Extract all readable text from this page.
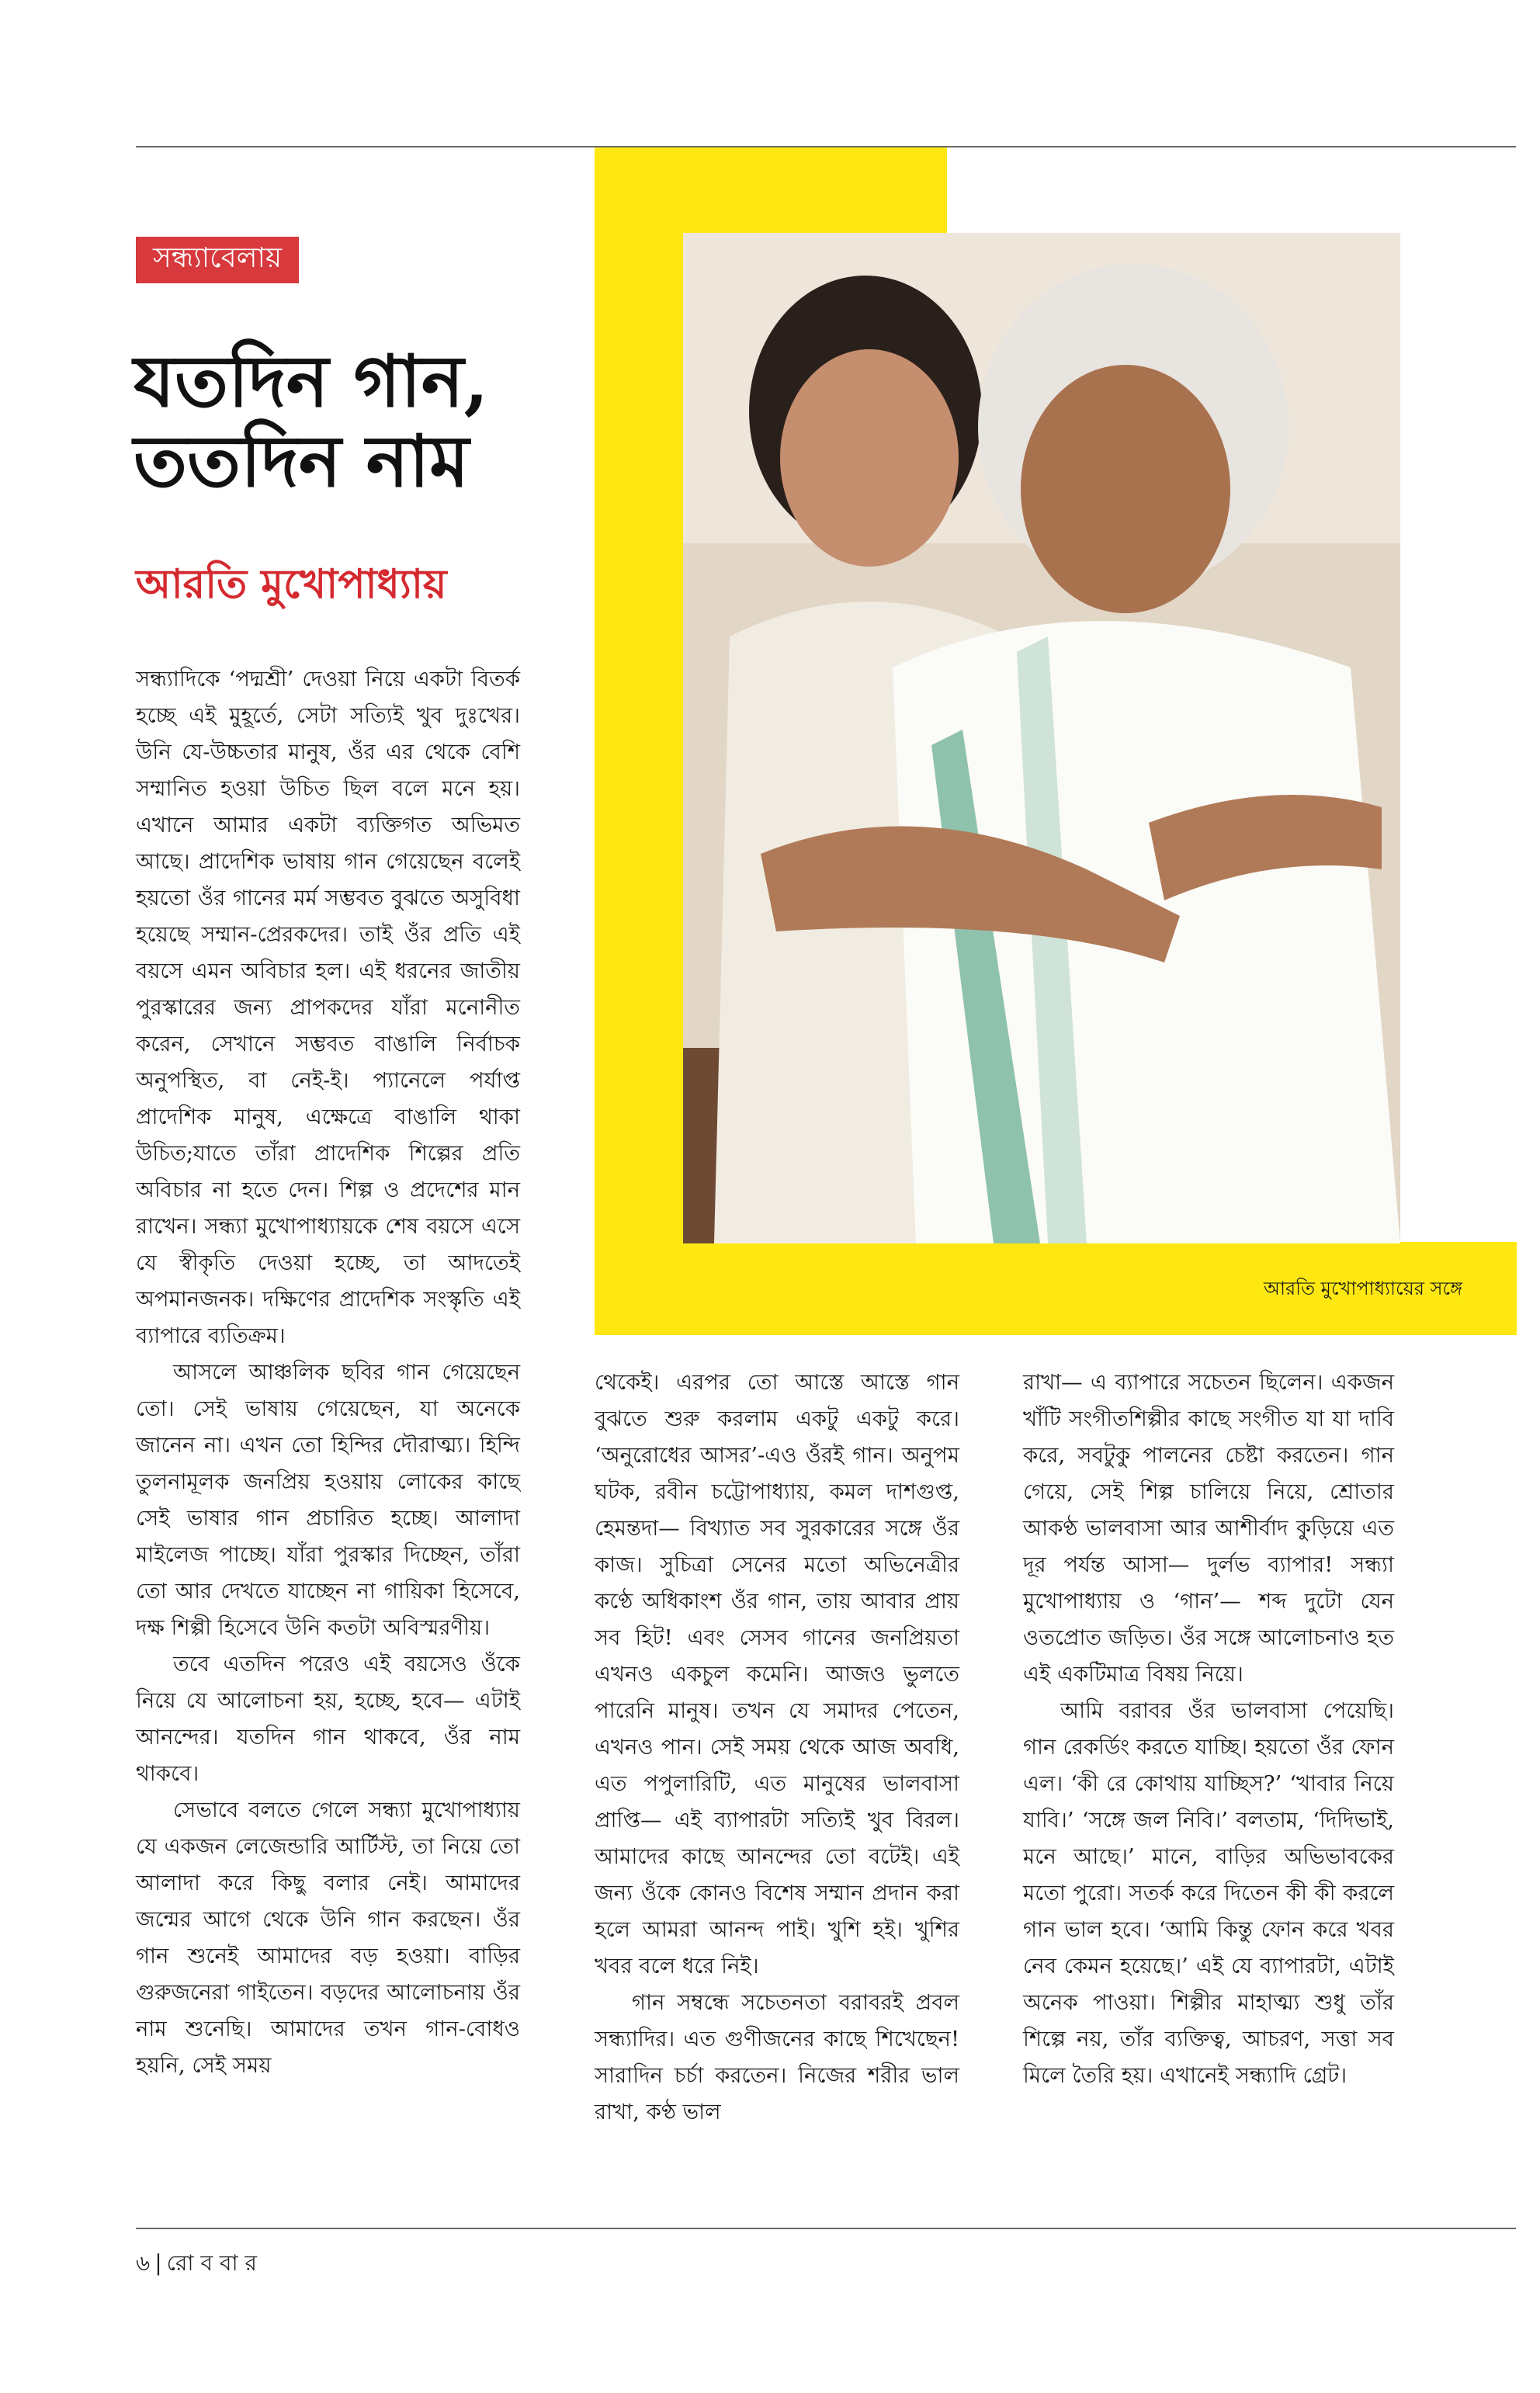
সন্ধ্যাবেলায়
যতদিন গান, ততদিন নাম
আরতি মুখোপাধ্যায়
আরতি মুখোপাধ্যায়ের সঙ্গে

সন্ধ্যাদিকে ‘পদ্মশ্রী’ দেওয়া নিয়ে একটা বিতর্ক হচ্ছে এই মুহূর্তে, সেটা সত্যিই খুব দুঃখের। উনি যে-উচ্চতার মানুষ, ওঁর এর থেকে বেশি সম্মানিত হওয়া উচিত ছিল বলে মনে হয়। এখানে আমার একটা ব্যক্তিগত অভিমত আছে। প্রাদেশিক ভাষায় গান গেয়েছেন বলেই হয়তো ওঁর গানের মর্ম সম্ভবত বুঝতে অসুবিধা হয়েছে সম্মান-প্রেরকদের। তাই ওঁর প্রতি এই বয়সে এমন অবিচার হল। এই ধরনের জাতীয় পুরস্কারের জন্য প্রাপকদের যাঁরা মনোনীত করেন, সেখানে সম্ভবত বাঙালি নির্বাচক অনুপস্থিত, বা নেই-ই। প্যানেলে পর্যাপ্ত প্রাদেশিক মানুষ, এক্ষেত্রে বাঙালি থাকা উচিত;যাতে তাঁরা প্রাদেশিক শিল্পের প্রতি অবিচার না হতে দেন। শিল্প ও প্রদেশের মান রাখেন। সন্ধ্যা মুখোপাধ্যায়কে শেষ বয়সে এসে যে স্বীকৃতি দেওয়া হচ্ছে, তা আদতেই অপমানজনক। দক্ষিণের প্রাদেশিক সংস্কৃতি এই ব্যাপারে ব্যতিক্রম।

আসলে আঞ্চলিক ছবির গান গেয়েছেন তো। সেই ভাষায় গেয়েছেন, যা অনেকে জানেন না। এখন তো হিন্দির দৌরাত্ম্য। হিন্দি তুলনামূলক জনপ্রিয় হওয়ায় লোকের কাছে সেই ভাষার গান প্রচারিত হচ্ছে। আলাদা মাইলেজ পাচ্ছে। যাঁরা পুরস্কার দিচ্ছেন, তাঁরা তো আর দেখতে যাচ্ছেন না গায়িকা হিসেবে, দক্ষ শিল্পী হিসেবে উনি কতটা অবিস্মরণীয়।

তবে এতদিন পরেও এই বয়সেও ওঁকে নিয়ে যে আলোচনা হয়, হচ্ছে, হবে— এটাই আনন্দের। যতদিন গান থাকবে, ওঁর নাম থাকবে।

সেভাবে বলতে গেলে সন্ধ্যা মুখোপাধ্যায় যে একজন লেজেন্ডারি আর্টিস্ট, তা নিয়ে তো আলাদা করে কিছু বলার নেই। আমাদের জন্মের আগে থেকে উনি গান করছেন। ওঁর গান শুনেই আমাদের বড় হওয়া। বাড়ির গুরুজনেরা গাইতেন। বড়দের আলোচনায় ওঁর নাম শুনেছি। আমাদের তখন গান-বোধও হয়নি, সেই সময়

থেকেই। এরপর তো আস্তে আস্তে গান বুঝতে শুরু করলাম একটু একটু করে। ‘অনুরোধের আসর’-এও ওঁরই গান। অনুপম ঘটক, রবীন চট্টোপাধ্যায়, কমল দাশগুপ্ত, হেমন্তদা— বিখ্যাত সব সুরকারের সঙ্গে ওঁর কাজ। সুচিত্রা সেনের মতো অভিনেত্রীর কণ্ঠে অধিকাংশ ওঁর গান, তায় আবার প্রায় সব হিট! এবং সেসব গানের জনপ্রিয়তা এখনও একচুল কমেনি। আজও ভুলতে পারেনি মানুষ। তখন যে সমাদর পেতেন, এখনও পান। সেই সময় থেকে আজ অবধি, এত পপুলারিটি, এত মানুষের ভালবাসা প্রাপ্তি— এই ব্যাপারটা সত্যিই খুব বিরল। আমাদের কাছে আনন্দের তো বটেই। এই জন্য ওঁকে কোনও বিশেষ সম্মান প্রদান করা হলে আমরা আনন্দ পাই। খুশি হই। খুশির খবর বলে ধরে নিই।

গান সম্বন্ধে সচেতনতা বরাবরই প্রবল সন্ধ্যাদির। এত গুণীজনের কাছে শিখেছেন! সারাদিন চর্চা করতেন। নিজের শরীর ভাল রাখা, কণ্ঠ ভাল

রাখা— এ ব্যাপারে সচেতন ছিলেন। একজন খাঁটি সংগীতশিল্পীর কাছে সংগীত যা যা দাবি করে, সবটুকু পালনের চেষ্টা করতেন। গান গেয়ে, সেই শিল্প চালিয়ে নিয়ে, শ্রোতার আকণ্ঠ ভালবাসা আর আশীর্বাদ কুড়িয়ে এত দূর পর্যন্ত আসা— দুর্লভ ব্যাপার! সন্ধ্যা মুখোপাধ্যায় ও ‘গান’— শব্দ দুটো যেন ওতপ্রোত জড়িত। ওঁর সঙ্গে আলোচনাও হত এই একটিমাত্র বিষয় নিয়ে।

আমি বরাবর ওঁর ভালবাসা পেয়েছি। গান রেকর্ডিং করতে যাচ্ছি। হয়তো ওঁর ফোন এল। ‘কী রে কোথায় যাচ্ছিস?’ ‘খাবার নিয়ে যাবি।’ ‘সঙ্গে জল নিবি।’ বলতাম, ‘দিদিভাই, মনে আছে।’ মানে, বাড়ির অভিভাবকের মতো পুরো। সতর্ক করে দিতেন কী কী করলে গান ভাল হবে। ‘আমি কিন্তু ফোন করে খবর নেব কেমন হয়েছে।’ এই যে ব্যাপারটা, এটাই অনেক পাওয়া। শিল্পীর মাহাত্ম্য শুধু তাঁর শিল্পে নয়, তাঁর ব্যক্তিত্ব, আচরণ, সত্তা সব মিলে তৈরি হয়। এখানেই সন্ধ্যাদি গ্রেট।

৬ | রো ব বা র
